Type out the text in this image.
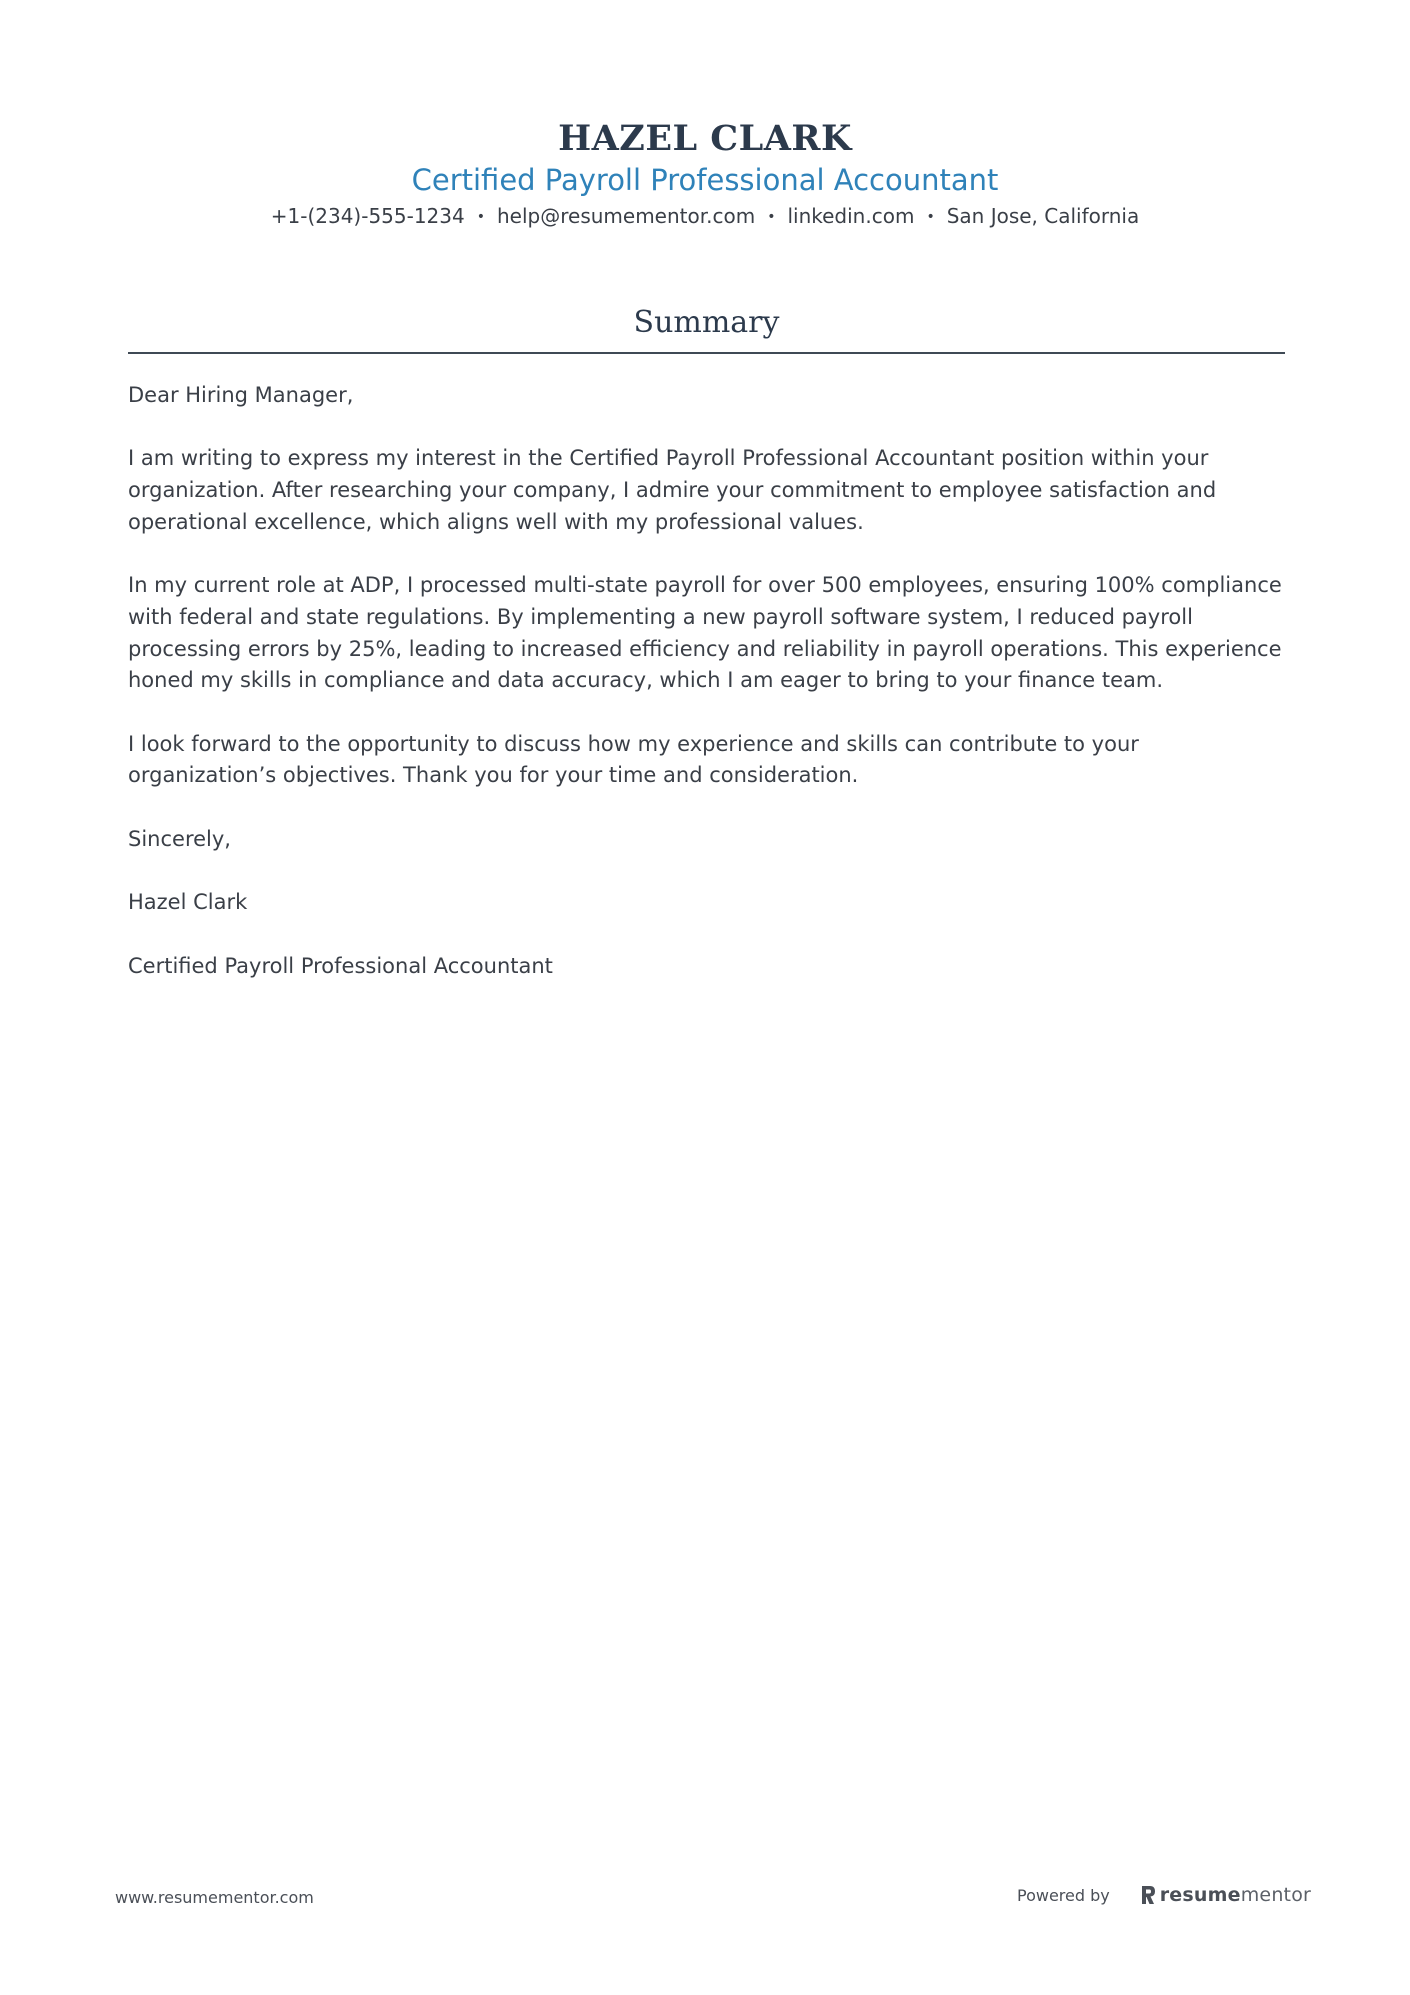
HAZEL CLARK
Certified Payroll Professional Accountant
+1-(234)-555-1234 • help@resumementor.com • linkedin.com • San Jose, California
Summary

Dear Hiring Manager,

I am writing to express my interest in the Certified Payroll Professional Accountant position within your organization. After researching your company, I admire your commitment to employee satisfaction and operational excellence, which aligns well with my professional values.

In my current role at ADP, I processed multi-state payroll for over 500 employees, ensuring 100% compliance with federal and state regulations. By implementing a new payroll software system, I reduced payroll processing errors by 25%, leading to increased efficiency and reliability in payroll operations. This experience honed my skills in compliance and data accuracy, which I am eager to bring to your finance team.

I look forward to the opportunity to discuss how my experience and skills can contribute to your organization’s objectives. Thank you for your time and consideration.

Sincerely,

Hazel Clark

Certified Payroll Professional Accountant

www.resumementor.com	Powered by	resumementor
